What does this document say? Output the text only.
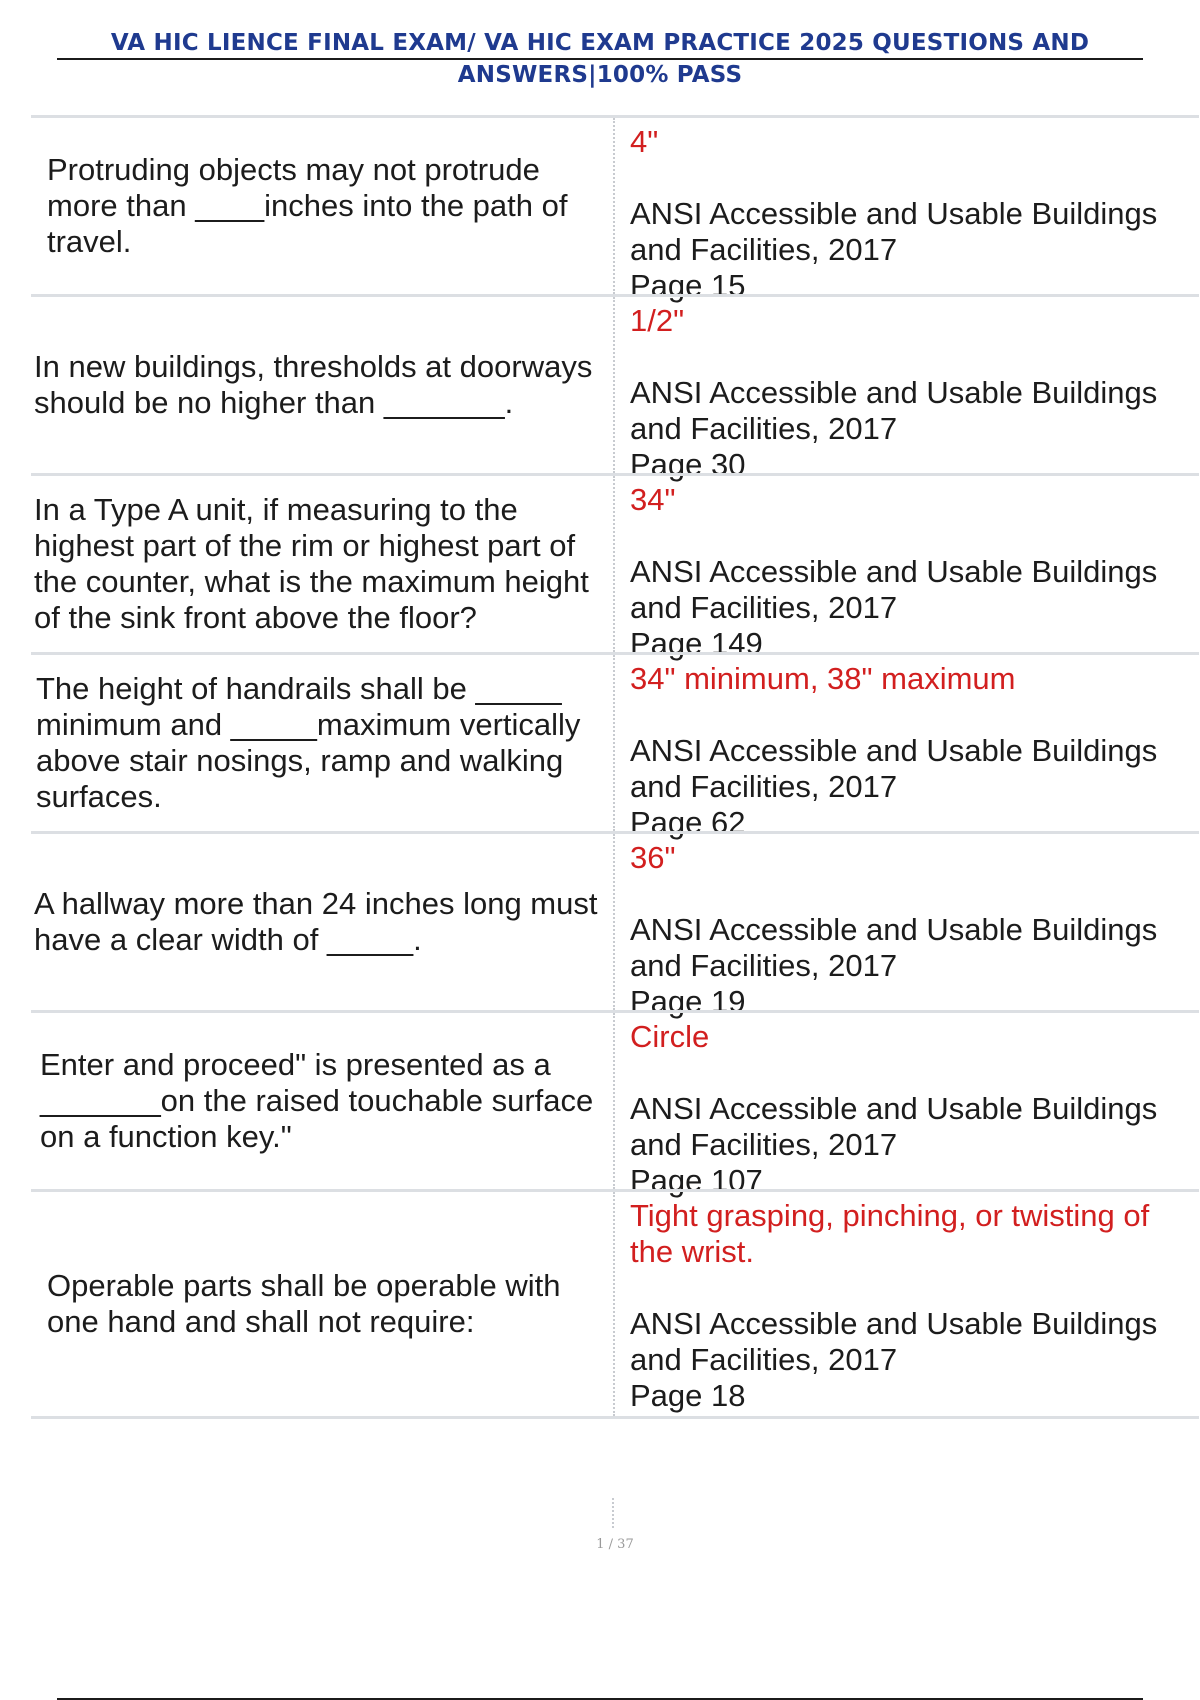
VA HIC LIENCE FINAL EXAM/ VA HIC EXAM PRACTICE 2025 QUESTIONS AND
ANSWERS|100% PASS
Protruding objects may not protrude more than ____inches into the path of travel.
4"
ANSI Accessible and Usable Buildings and Facilities, 2017
Page 15
In new buildings, thresholds at doorways should be no higher than _______.
1/2"
ANSI Accessible and Usable Buildings and Facilities, 2017
Page 30
In a Type A unit, if measuring to the highest part of the rim or highest part of the counter, what is the maximum height of the sink front above the floor?
34"
ANSI Accessible and Usable Buildings and Facilities, 2017
Page 149
The height of handrails shall be _____ minimum and _____maximum vertically above stair nosings, ramp and walking surfaces.
34" minimum, 38" maximum
ANSI Accessible and Usable Buildings and Facilities, 2017
Page 62
A hallway more than 24 inches long must have a clear width of _____.
36"
ANSI Accessible and Usable Buildings and Facilities, 2017
Page 19
Enter and proceed" is presented as a _______on the raised touchable surface on a function key."
Circle
ANSI Accessible and Usable Buildings and Facilities, 2017
Page 107
Operable parts shall be operable with one hand and shall not require:
Tight grasping, pinching, or twisting of the wrist.
ANSI Accessible and Usable Buildings and Facilities, 2017
Page 18
1 / 37
